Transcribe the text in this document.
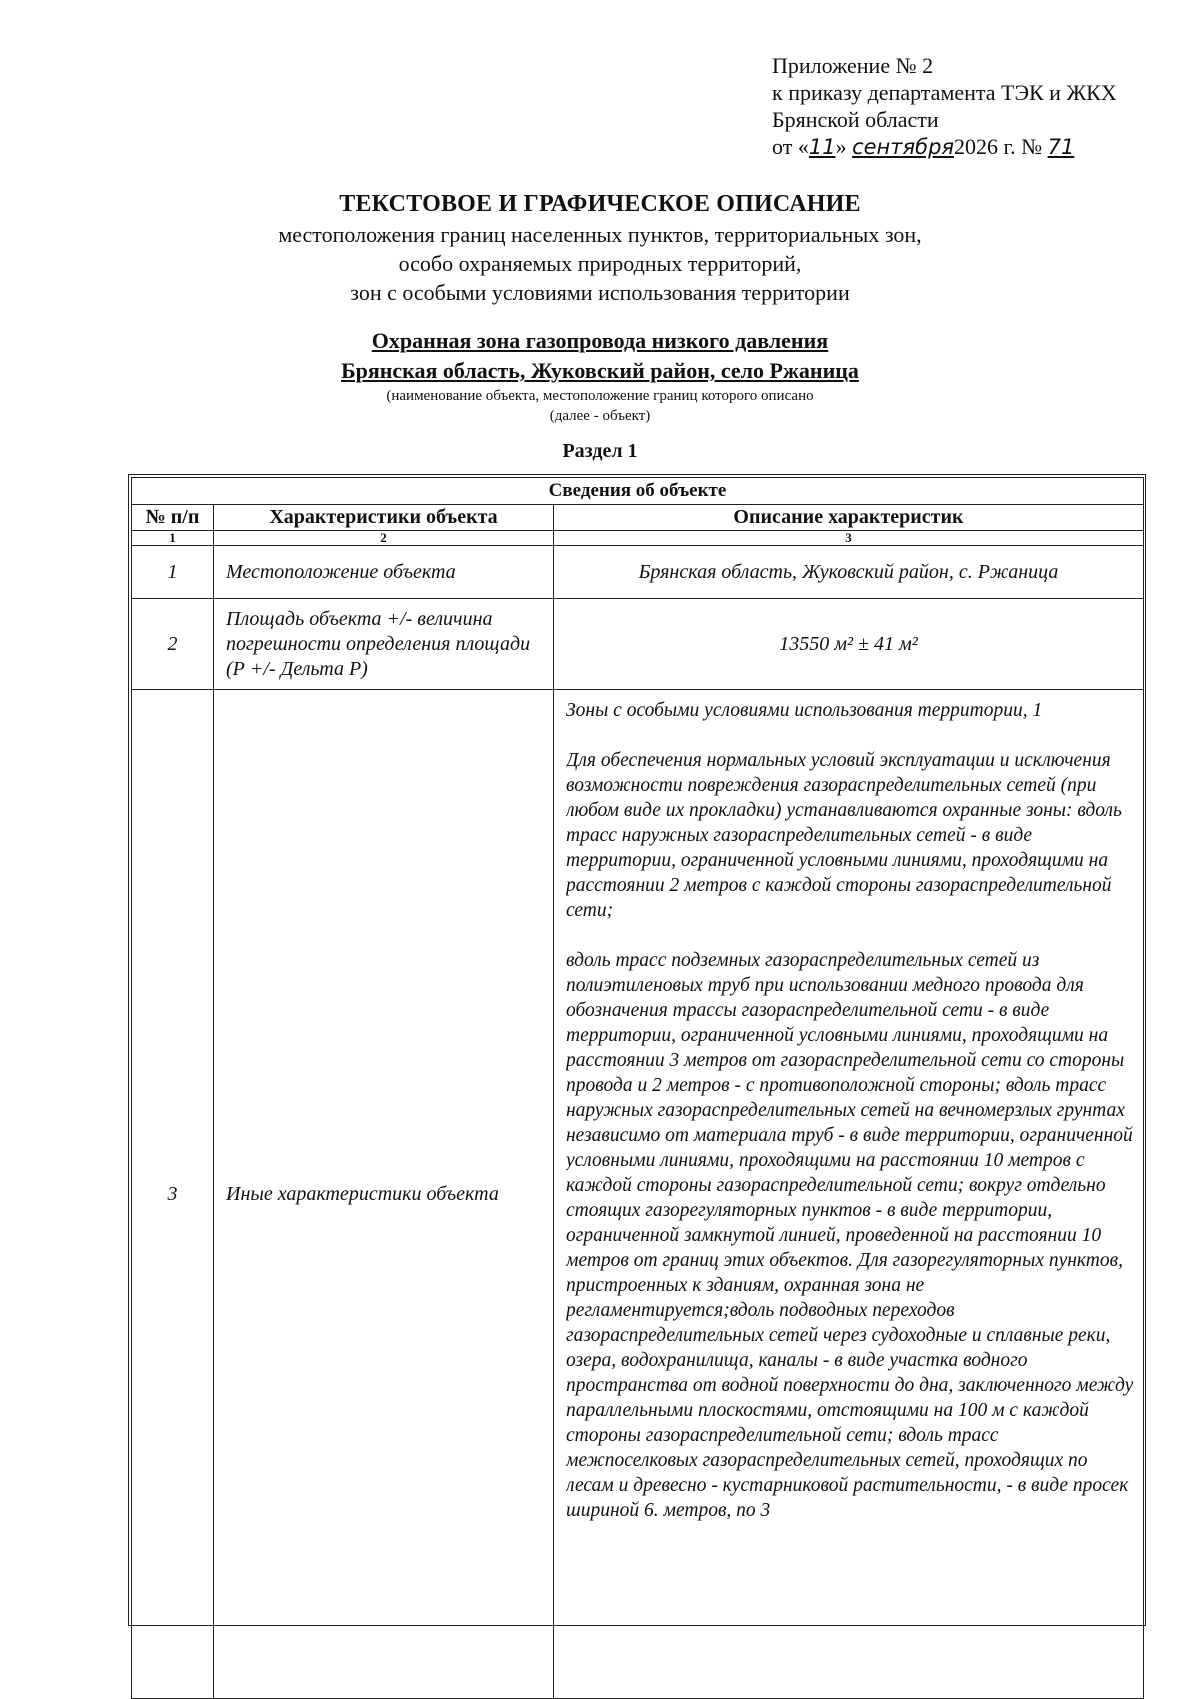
Приложение № 2
к приказу департамента ТЭК и ЖКХ
Брянской области
от «11» сентября2026 г. № 71
ТЕКСТОВОЕ И ГРАФИЧЕСКОЕ ОПИСАНИЕ
местоположения границ населенных пунктов, территориальных зон,
особо охраняемых природных территорий,
зон с особыми условиями использования территории
Охранная зона газопровода низкого давления
Брянская область, Жуковский район, село Ржаница
(наименование объекта, местоположение границ которого описано
(далее - объект)
Раздел 1
Сведения об объекте		
№ п/п	Характеристики объекта	Описание характеристик
1	2	3
1	Местоположение объекта	Брянская область, Жуковский район, с. Ржаница
2	Площадь объекта +/- величина погрешности определения площади (Р +/- Дельта Р)	13550 м² ± 41 м²
3	Иные характеристики объекта	Зоны с особыми условиями использования территории, 1

Для обеспечения нормальных условий эксплуатации и исключения возможности повреждения газораспределительных сетей (при любом виде их прокладки) устанавливаются охранные зоны: вдоль трасс наружных газораспределительных сетей - в виде территории, ограниченной условными линиями, проходящими на расстоянии 2 метров с каждой стороны газораспределительной сети;

вдоль трасс подземных газораспределительных сетей из полиэтиленовых труб при использовании медного провода для обозначения трассы газораспределительной сети - в виде территории, ограниченной условными линиями, проходящими на расстоянии 3 метров от газораспределительной сети со стороны провода и 2 метров - с противоположной стороны; вдоль трасс наружных газораспределительных сетей на вечномерзлых грунтах независимо от материала труб - в виде территории, ограниченной условными линиями, проходящими на расстоянии 10 метров с каждой стороны газораспределительной сети; вокруг отдельно стоящих газорегуляторных пунктов - в виде территории, ограниченной замкнутой линией, проведенной на расстоянии 10 метров от границ этих объектов. Для газорегуляторных пунктов, пристроенных к зданиям, охранная зона не регламентируется;вдоль подводных переходов газораспределительных сетей через судоходные и сплавные реки, озера, водохранилища, каналы - в виде участка водного пространства от водной поверхности до дна, заключенного между параллельными плоскостями, отстоящими на 100 м с каждой стороны газораспределительной сети; вдоль трасс межпоселковых газораспределительных сетей, проходящих по лесам и древесно - кустарниковой растительности, - в виде просек шириной 6. метров, по 3
